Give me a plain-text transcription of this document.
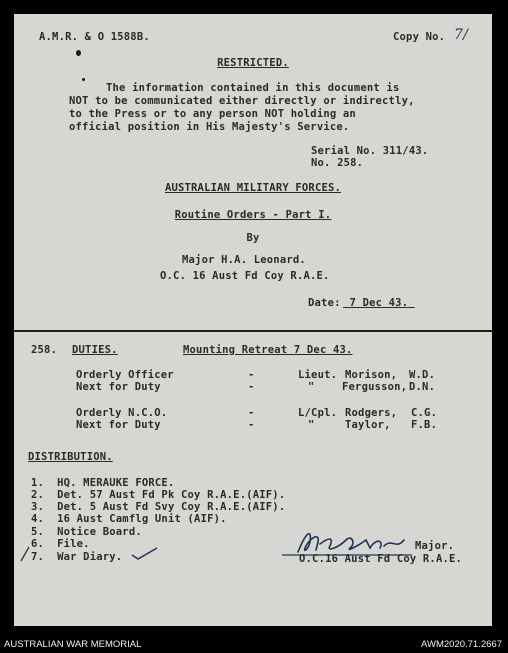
A.M.R. & O 1588B.	Copy No. 7/
RESTRICTED.
The information contained in this document is
NOT to be communicated either directly or indirectly,
to the Press or to any person NOT holding an
official position in His Majesty's Service.
Serial No. 311/43.
No. 258.
AUSTRALIAN MILITARY FORCES.
Routine Orders - Part I.
By
Major H.A. Leonard.
O.C. 16 Aust Fd Coy R.A.E.
Date: 7 Dec 43.
258. DUTIES.	Mounting Retreat 7 Dec 43.
Orderly Officer	-	Lieut. Morison, W.D.
Next for Duty	-	"	Fergusson, D.N.
Orderly N.C.O.	-	L/Cpl. Rodgers, C.G.
Next for Duty	-	"	Taylor, F.B.
DISTRIBUTION.
1.  HQ. MERAUKE FORCE.
2.  Det. 57 Aust Fd Pk Coy R.A.E.(AIF).
3.  Det. 5 Aust Fd Svy Coy R.A.E.(AIF).
4.  16 Aust Camflg Unit (AIF).
5.  Notice Board.
6.  File.
7.  War Diary.
Major.
O.C.16 Aust Fd Coy R.A.E.
AUSTRALIAN WAR MEMORIAL	AWM2020.71.2667
